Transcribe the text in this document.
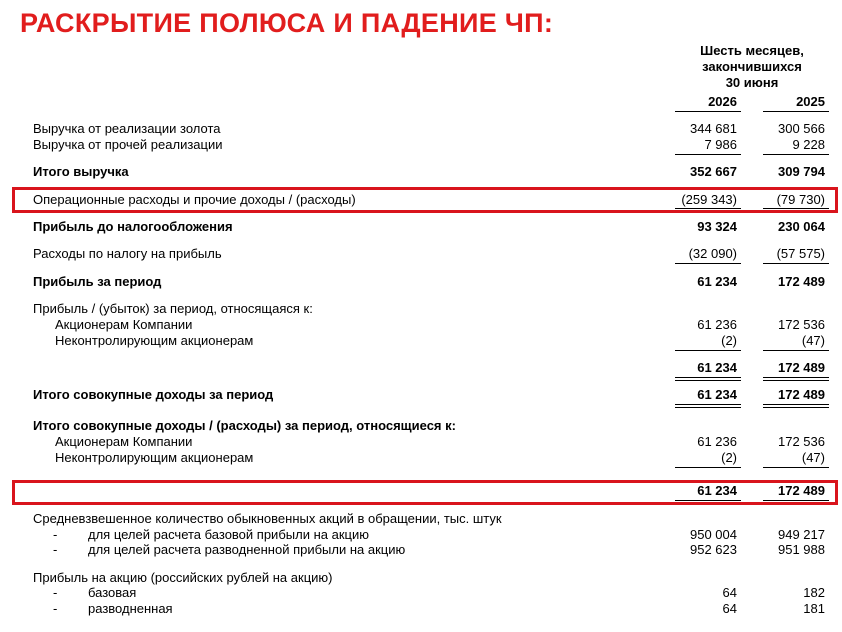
РАСКРЫТИЕ ПОЛЮСА И ПАДЕНИЕ ЧП:
Шесть месяцев,
закончившихся
30 июня
2026	2025
Выручка от реализации золота	344 681	300 566
Выручка от прочей реализации	7 986	9 228
Итого выручка	352 667	309 794
Операционные расходы и прочие доходы / (расходы)	(259 343)	(79 730)
Прибыль до налогообложения	93 324	230 064
Расходы по налогу на прибыль	(32 090)	(57 575)
Прибыль за период	61 234	172 489
Прибыль / (убыток) за период, относящаяся к:
Акционерам Компании	61 236	172 536
Неконтролирующим акционерам	(2)	(47)
61 234	172 489
Итого совокупные доходы за период	61 234	172 489
Итого совокупные доходы / (расходы) за период, относящиеся к:
Акционерам Компании	61 236	172 536
Неконтролирующим акционерам	(2)	(47)
61 234	172 489
Средневзвешенное количество обыкновенных акций в обращении, тыс. штук
- для целей расчета базовой прибыли на акцию	950 004	949 217
- для целей расчета разводненной прибыли на акцию	952 623	951 988
Прибыль на акцию (российских рублей на акцию)
- базовая	64	182
- разводненная	64	181
